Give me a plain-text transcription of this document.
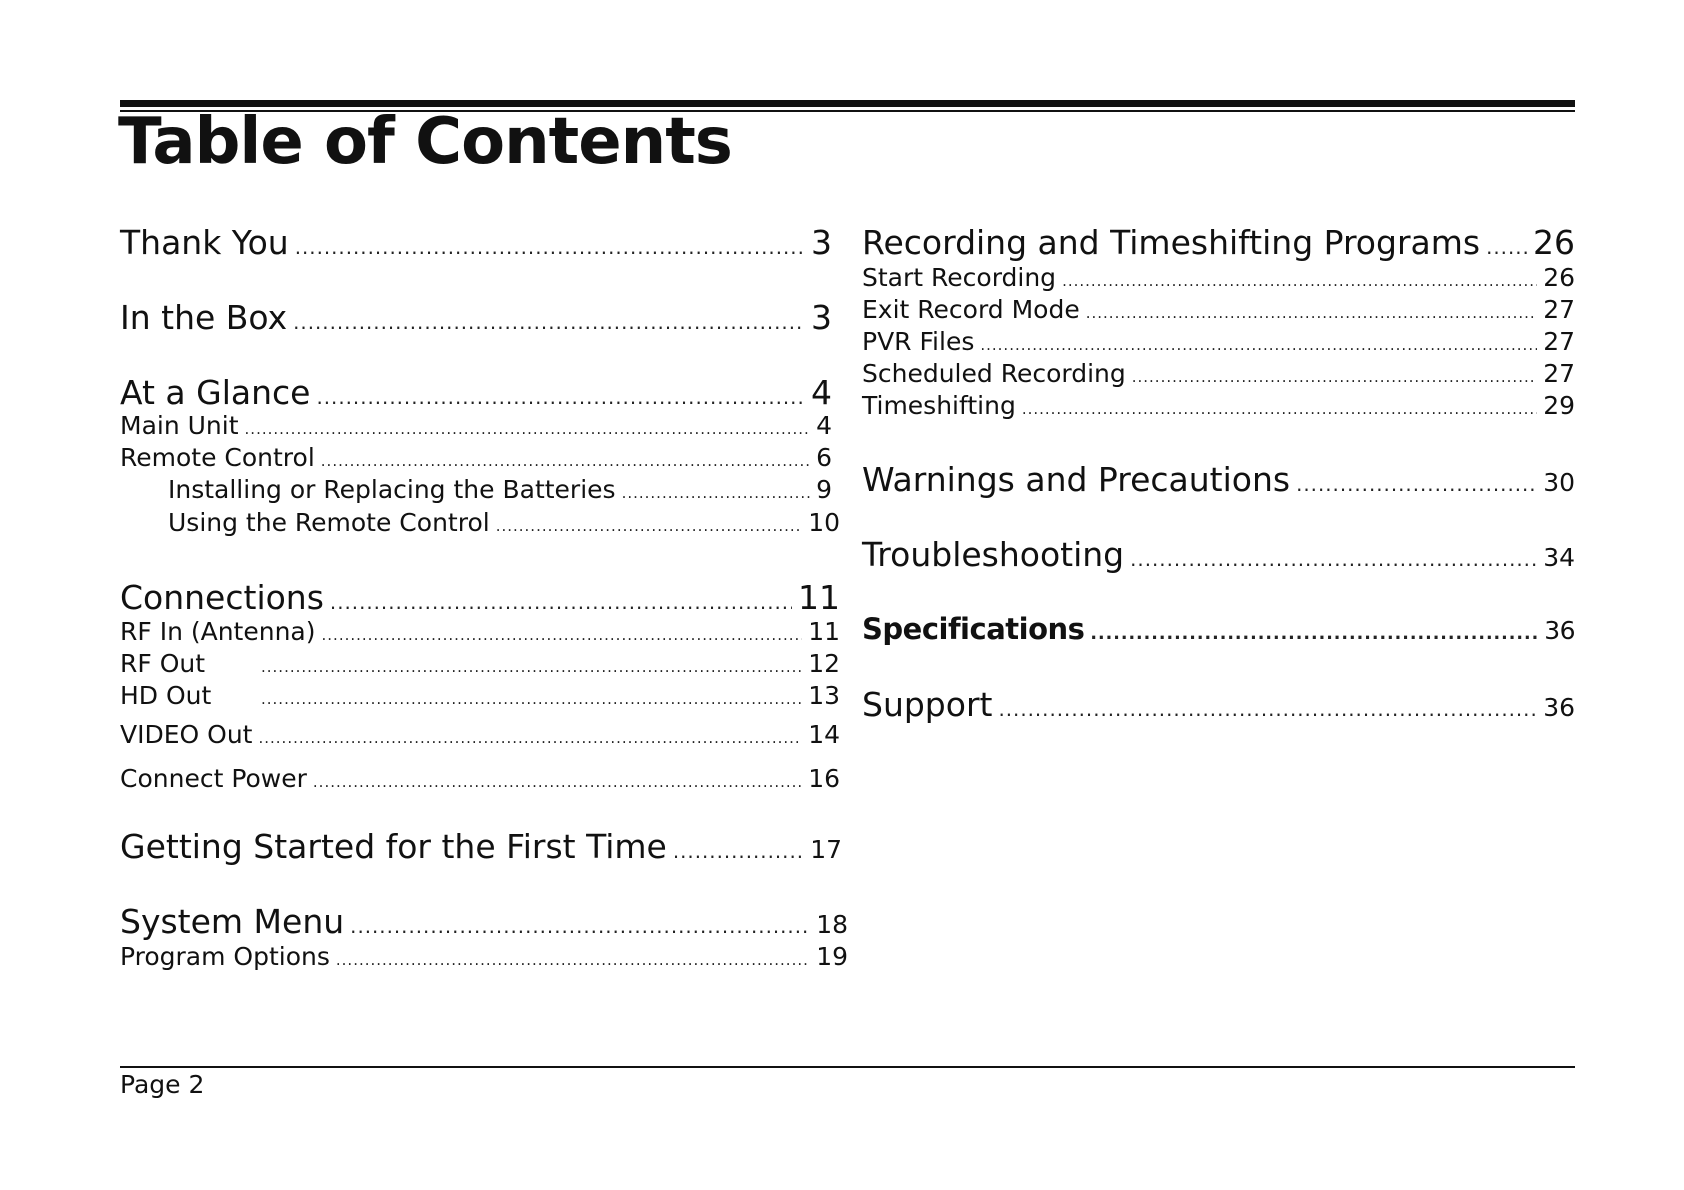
Table of Contents
Thank You .....	3
In the Box .....	3
At a Glance .....	4
Main Unit .....	4
Remote Control .....	6
Installing or Replacing the Batteries .....	9
Using the Remote Control .....	10
Connections .....	11
RF In (Antenna) .....	11
RF Out .....	12
HD Out .....	13
VIDEO Out .....	14
Connect Power .....	16
Getting Started for the First Time .....	17
System Menu .....	18
Program Options .....	19
Recording and Timeshifting Programs ..... 26
Start Recording .....	26
Exit Record Mode .....	27
PVR Files .....	27
Scheduled Recording .....	27
Timeshifting .....	29
Warnings and Precautions .....	30
Troubleshooting .....	34
Specifications .....	36
Support .....	36
Page 2
